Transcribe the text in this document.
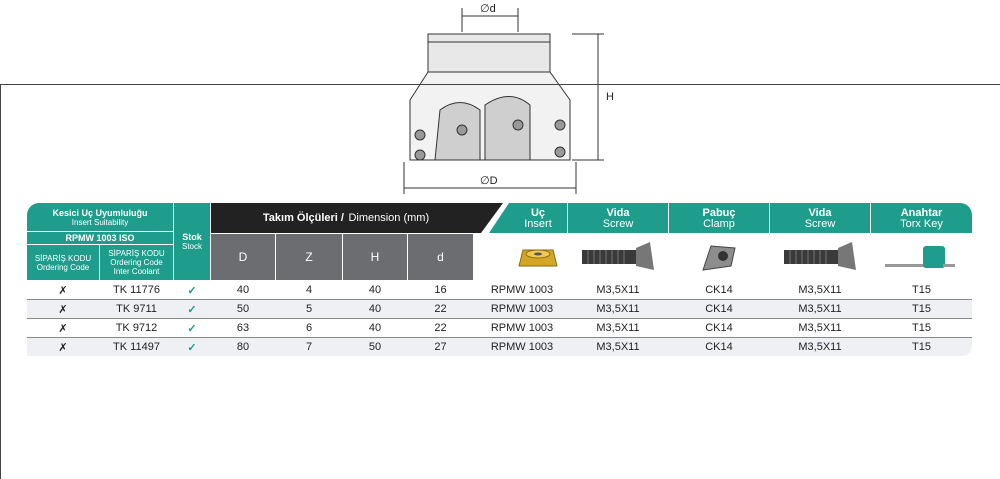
∅d
∅D
H
Kesici Uç Uyumluluğu
Insert Suitability
RPMW 1003 ISO
SİPARİŞ KODU
Ordering Code
SİPARİŞ KODU
Ordering Code
Inter Coolant
Stok
Stock
Takım Ölçüleri /
Dimension (mm)
D	Z	H	d
Uç
Insert
Vida
Screw
Pabuç
Clamp
Vida
Screw
Anahtar
Torx Key
✗	TK 11776	✓	40	4	40	16	RPMW 1003	M3,5X11	CK14	M3,5X11	T15
✗	TK 9711	✓	50	5	40	22	RPMW 1003	M3,5X11	CK14	M3,5X11	T15
✗	TK 9712	✓	63	6	40	22	RPMW 1003	M3,5X11	CK14	M3,5X11	T15
✗	TK 11497	✓	80	7	50	27	RPMW 1003	M3,5X11	CK14	M3,5X11	T15
